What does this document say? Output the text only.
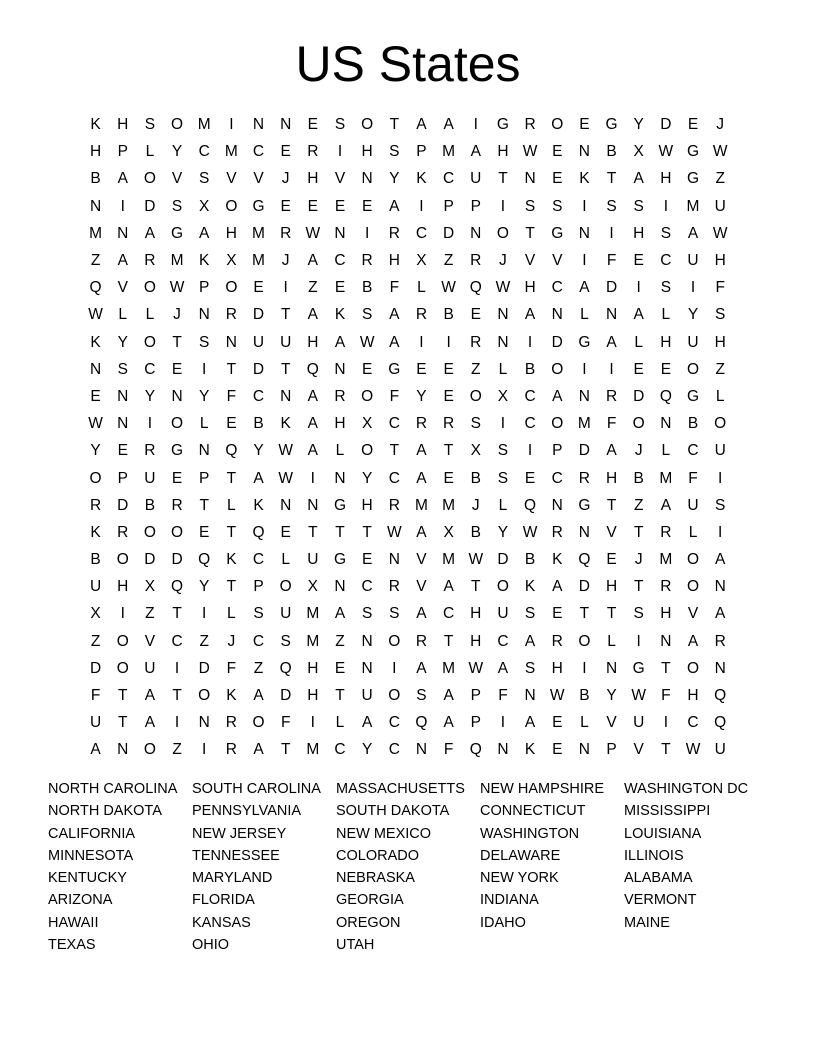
US States
K	H	S	O M	I	N	N	E	S	O	T	A	A	I	G	R	O	E	G	Y	D	E	J
H	P	L	Y	C M C	E	R	I	H	S	P	M	A	H W E	N	B	X W G W
B	A	O	V	S	V	V	J	H	V	N	Y	K	C	U	T	N	E	K	T	A	H	G	Z
N	I	D	S	X	O G	E	E	E	E	A	I	P	P	I	S	S	I	S	S	I	M U
M N	A	G	A	H M R W N	I	R	C	D	N	O	T	G	N	I	H	S	A W
Z	A	R M	K	X	M	J	A	C	R	H	X	Z	R	J	V	V	I	F	E	C	U	H
Q	V	O W P	O	E	I	Z	E	B	F	L	W Q W H	C	A	D	I	S	I	F
W	L	L	J	N	R	D	T	A	K	S	A	R	B	E	N	A	N	L	N	A	L	Y	S
K	Y	O	T	S	N	U	U	H	A W A	I	I	R	N	I	D	G	A	L	H	U	H
N	S	C	E	I	T	D	T	Q	N	E	G	E	E	Z	L	B	O	I	I	E	E	O	Z
E	N	Y	N	Y	F	C	N	A	R	O	F	Y	E	O	X	C	A	N	R	D	Q G	L
W N	I	O	L	E	B	K	A	H	X	C	R	R	S	I	C	O M	F	O	N	B	O
Y	E	R	G	N	Q	Y W A	L	O	T	A	T	X	S	I	P	D	A	J	L	C	U
O	P	U	E	P	T	A W	I	N	Y	C	A	E	B	S	E	C	R	H	B	M	F	I
R	D	B	R	T	L	K	N	N	G	H	R M M	J	L	Q	N	G	T	Z	A	U	S
K	R	O O	E	T	Q	E	T	T	T W A	X	B	Y W R	N	V	T	R	L	I
B	O	D	D	Q	K	C	L	U	G	E	N	V	M W D	B	K	Q	E	J	M O	A
U	H	X	Q	Y	T	P	O	X	N	C	R	V	A	T	O	K	A	D	H	T	R	O	N
X	I	Z	T	I	L	S	U M	A	S	S	A	C	H	U	S	E	T	T	S	H	V	A
Z	O	V	C	Z	J	C	S	M	Z	N	O	R	T	H	C	A	R	O	L	I	N	A	R
D	O	U	I	D	F	Z	Q	H	E	N	I	A	M W A	S	H	I	N	G	T	O	N
F	T	A	T	O	K	A	D	H	T	U	O	S	A	P	F	N W B	Y W F	H	Q
U	T	A	I	N	R	O	F	I	L	A	C	Q	A	P	I	A	E	L	V	U	I	C	Q
A	N	O	Z	I	R	A	T	M C	Y	C	N	F	Q	N	K	E	N	P	V	T W U
NORTH CAROLINA	SOUTH CAROLINA	MASSACHUSETTS	NEW HAMPSHIRE	WASHINGTON DC
NORTH DAKOTA	PENNSYLVANIA	SOUTH DAKOTA	CONNECTICUT	MISSISSIPPI
CALIFORNIA	NEW JERSEY	NEW MEXICO	WASHINGTON	LOUISIANA
MINNESOTA	TENNESSEE	COLORADO	DELAWARE	ILLINOIS
KENTUCKY	MARYLAND	NEBRASKA	NEW YORK	ALABAMA
ARIZONA	FLORIDA	GEORGIA	INDIANA	VERMONT
HAWAII	KANSAS	OREGON	IDAHO	MAINE
TEXAS	OHIO	UTAH
